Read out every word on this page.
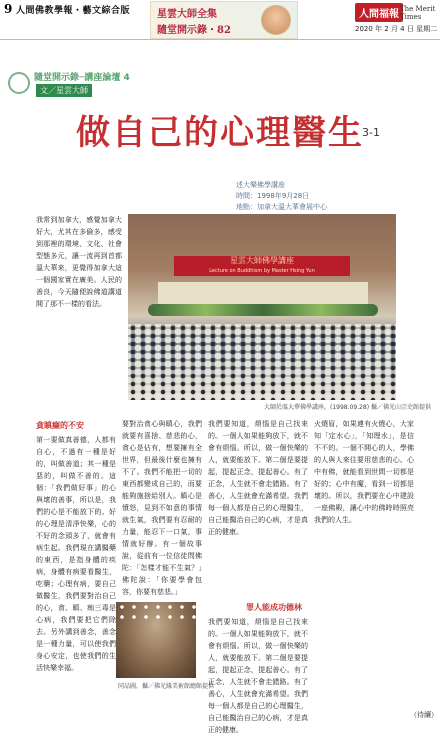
9 人間佛教學報・藝文綜合版	星雲大師全集
隨堂開示錄・82
人間福報 The Merit Times
2020 年 2 月 4 日 星期二
隨堂開示錄─講座論壇 4
文／星雲大師
做自己的心理醫生
3-1
述大樂佛學講座
時間：1998年9月28日
地點：加拿大溫大華會展中心
我常到加拿大，感覺加拿大好大，尤其在多倫多，感受到那裡的環境、文化、社會型態多元，讓一流再到首都溫大華來，更覺得加拿大這一個國家實在廣美。人民的善良，今天隨便說佛道講道開了那不一樣的看法。
星雲大師佛學講座
Lecture on Buddhism by Master Hsing Yun
大師於溫大華佛學講座。(1998.09.28) 攝／佛光山宗史館提供
貪瞋癡的不安
第一要做真善德，人都有自心，不過有一種是好的，叫做善道；其一種是惡的，叫做不善的。這個：「我們做好事」的心與壞的善事，所以是，我們的心是不能放下的。好的心理是清淨快樂，心的不好的念頭多了，就會有病生起。我們現在講醫藥的東西，是指身體的疾病，身體有病要看醫生，吃藥；心理有病，要自己做醫生，我們要對治自己的心，貪、瞋、痴三毒是心病，我們要把它們除去。另外講到善念，善念是一種力量，可以使我們身心安定，也使我們的生活快樂幸福。
要對治貪心與瞋心，我們就要有喜捨、慈悲的心，貪心是佔有，想要擁有全世界，但最後什麼也擁有不了。我們不能把一切的東西都變成自己的，而要能夠施捨給別人。瞋心是憤怒，見到不如意的事情就生氣，我們要有忍耐的力量，能忍下一口氣，事情就好辦。有一個故事說，從前有一位信徒問佛陀：「怎樣才能不生氣？」佛陀說：「你要學會包容，你要有慈悲。」
同品圖。攝／佛光緣美術館總館提供
我們要知道，煩惱是自己找來的。一個人如果能夠放下，就不會有煩惱。所以，做一個快樂的人，就要能放下。第二個是要提起，提起正念，提起善心。有了正念，人生就不會走錯路。有了善心，人生就會充滿希望。我們每一個人都是自己的心理醫生，自己能醫治自己的心病，才是真正的健康。
罪人能成功德林
我們要知道，煩惱是自己找來的。一個人如果能夠放下，就不會有煩惱。所以，做一個快樂的人，就要能放下。第二個是要提起，提起正念，提起善心。有了正念，人生就不會走錯路。有了善心，人生就會充滿希望。我們每一個人都是自己的心理醫生，自己能醫治自己的心病，才是真正的健康。
火燒眉，如果連有火燒心，大家知「定水心」，「知理水」，是信不不的。一個不開心的人，學佛的人與人來往要用慈悲的心。心中有佛，就能看到世間一切都是好的；心中有魔，看到一切都是壞的。所以，我們要在心中建設一座佛殿，讓心中的佛時時照亮我們的人生。
（待續）
